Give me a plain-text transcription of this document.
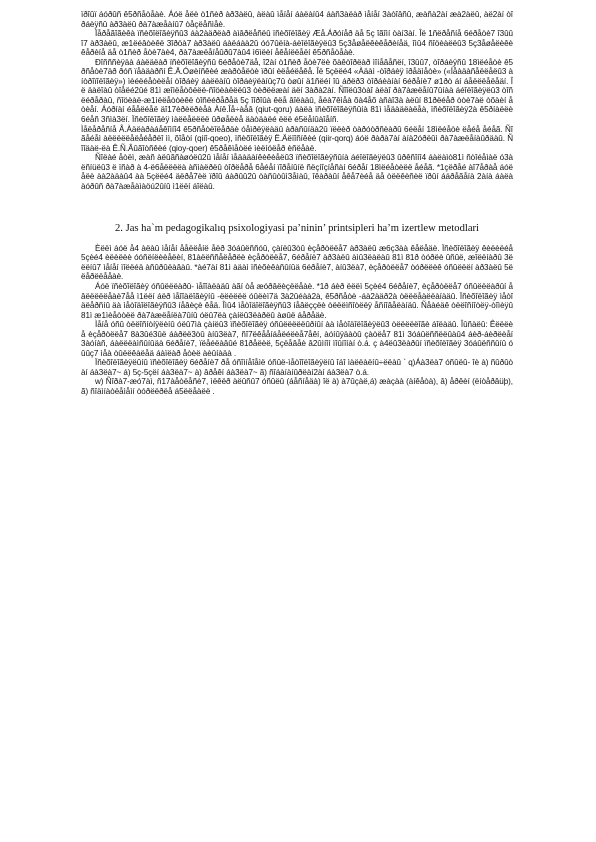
ïðîûï áóðûñ ê5ðñåòåàè. Áóë åëè ò1ñèð àð3àëû, àëàû ìåíåí áàëàíû4 áàñ3àëàð ìåíåí 3àòîâñû, æàñà2àí æà2àëû, àë2àí òîðáèÿñû àð3àëû ðà7àæåàíû7 òåçëåñìåè.

Ïåðåãîãèêà ïñèõîëîãèÿñû3 áà2àäðëàð àìâðëåñëû ïñèõîëîãèÿ Æå.Áðóíåð äå 5ç îãîìí òàí3àí. Îë 1ñëðåñíå 6éðåòè7 î3ûûî7 àð3àëû, æ1ëéâòèêë 3îðöà7 àð3àëû áàëáàà2û óó7ûëíà-áèîëîãèÿëû3 5ç3åøåëêèêåðèíåä, îìû4 ñîöèàëëû3 5ç3åøåëèêèêåðèíå äå ò1ñèð åòè7àè4, ðà7àæëåíåûðû7àû4 ì6ìëèí åêåíëëåëí ê5ðñåòåàè.

Ðîñññèÿäà áàëäëàð ïñèõîëîãèÿñû 6éðåòè7äå, î2àí ò1ñèð åòè7ëè õàêòîðëàð ìîíåâåñëí, î3ûû7, òîðáèÿñû 18ìëéåòè ê5ðñåòè7äð ðóñ ïåàäàðñí Ê.Ä.Óøèíñêèé æàðòåëòè ïðûí èëåéëåêå. Îë 5çëëé4 «Àäàì -òîðáèÿ ïðåäìåòè» («Íåàäàñåëëåëû3 àíòðîïîëîãèÿ») ìèéëéåòèëåí òîðáèÿ áàëëàíû òîðáèÿëàíûç7û òøûí ä1ñëéí îû áðëð3 òîðáèàíàí 6éðåíè7 ø1ðò áí áåëëëåëåäí. Îë äàëîàû òîåëé2ûé 81ì æîìëåòôëëë-ñîöèàëëëû3 òèðëëæàí äëí 3àðà2àí. Ñîîëû3òàî àëàî ðà7àæëåíû7ûíàà áéîëîãèÿëû3 òîñëéðåðàû, ñîöèàë-æ1ìëëåòòèêë òîñëéðåðåä 5ç îîðîûà êëå âîëàäû, åëà7êìåà õà4åõ àñàî3à àëûí 81ðëéåð òòè7àë òõàèí åòèåí. Áóðíàí éååëéåë äî17èðèëðèåà Àíê.Îå÷àåâ (qiut-qoru) áàëà ïñèõîëîãèÿñûíà 81ì ìåäàäëàëåà, ïñèõîëîãèÿ2à ê5ðíàëëè 6éåñ 3ñìà3ëí. Ïñèõîëîãèÿ ìàëëåëëëë ûðøåëèå äàòäàëé ëëë é5ëåíûàîåíñ.

Ìåëåðåñíå Å.Àäëàðàáåêîìíî4 ê5ðñåòëîëåðäè óåìðëÿëàäû àðàñûíäà2û ïëëèð òàðóòðñèàðû 6éëåí 18ìëéåòè ëåéå åéåã. Ñîãåéåì àëëëëëåëåéåðëî ìì, õîåòí (qiiî-qoeo), ïñèõîëîãèÿ Ë.Äëïîñíêèé (qiir-qorq) áóë ðàðà7àí àíà2óðëûì ðà7àæëåíàûðäàû. Ñîîäàë-ëà Ê.Ñ.Âûãîòñêèé (qioy-qoer) ê5ðåêìåòëé ìèëíóëåð èñëåàë.

Ñîëàé åòëì, æàñ àëûãñàøóëû2û ìåíåí ìåäàäàíêèêèåëû3 ïñèõîëîãèÿñûíà áéîëîãèÿëû3 ûðêñîíî4 áàëàìò81ì ñòîéåìàë ó3àëñíüëû3 ë ïñàð à 4-ë6åëëëëà àñìàëðëû òîðëåðå 6åéåí ïîðåíûíë ñëçíîçíåñàí 6éðåí 18ìëéåòèëë åéåã. *1çëðåé àî7åðàå áóë åëè àà2àäàû4 àà 5çëëé4 äëðå7èë ïðîû áàðûû2û òàñûòûì3åìàû, îêàðàûí åêå7èéå äå òëëêèñèë ïðûí ááðåãåíà 2àíà áàëà àóðûñ ðà7àæåàìàöú2ûíû ì1ëëí áîëàû.

2. Jas ha`m pedagogikalıq psixologiyasi pa’ninin’ printsipleri ha’m izertlew metodlari

Èëëì áóë å4 àëàû ìåíåí ååëëåíë åëð 3óáûëññóû, çàíëû3òû èçåðòëëå7 àð3àëû æ6ç3àà êåëåäè. Ïñèõîëîãèÿ êèëèëéå 5çèé4 èëèëèè óóñëíëèèåëèí, 81àëëññåëåðëè èçåðòëëå7, 6éðåíè7 àð3àëû àìû3ëàëàû 81ì 81ð òóðëè ûñûë, æîëëíàðû 3ëëëíû7 ìåíåí ìîëëéä àñûðûëàâàû. *àé7àí 81ì àäàì ïñèõèêàñûíûä 6éðåíè7, àíû3ëà7, èçåðòëëå7 òóðëëèê óñûëëëí àð3àëû 5ëëåðëëååàè.

Áóë ïñèõîëîãèÿ óñûëëëàðû- ìåîîàëàäû àãí òå æóðâëèçëëåàè. *1ð áèð ëëëì 5çèé4 6éðåíè7, èçåðòëëå7 óñûëëëàðûí åâëëëëëåàè7åå ì1ëëí áëð ìåîîàëîãèÿíû -ëëëëëë óûëèì7ä 3à2ûéàà2à, ê5ðñåòè -áà2àäð2à òëëëåàëëàíàäû. Ïñèõîëîãèÿ ìåòîäëåðñíû äà ìåòîäîëîãèÿñû3 íåâèçè êåä. Îìû4 ìåòîäîëîãèÿñû3 íåâëççëè òëëëìñîòëëÿ åñíîâåëàíäû. Ñåàéäê òëëîñíîòëÿ-òîìèÿû 81ì æ1ìèåòòëë ðà7àæëåíëà7ûíû óëû7ëà çàíëû3ëàðëû àøûë áåðåäè.

Ìåíå óñû òëëîñíòíÿëèíû óëû7ìà çàíëû3 ïñèõîëîãèÿ óñûëëëëëûðíûí àà ìåòîäîëîãèÿëû3 òëëëëëîãè áîëàäû. Îûñàëû: Êëëëèå èçåðòëëå7 8à3ûé3ûë áàðëë3òû àíû3ëà7, ñî7ëêååíáåëéëèå7åêí, àóíûÿäàòû çàòëå7 81ì 3óáûëññëëûàû4 áèð-áèðëèåí 3àóíàñ, áàëëëàìñûíûäà 6éðåíè7, ïëåéëàâûé 81ðåëèë, 5çëåâåè â2ûìíîí ìîûíîíàí ò.á. ç à4ëû3ëàðûí ïñèõîëîãèÿ 3óáûëññûíû óûûç7 ìåà òûëëêàëåä áàïëàð åòèë àèûíàäà .

Ïñèõîëîãèÿëûíû ïñèõîëîãèÿ 6éðåíè7 ðå óñîìíåîåìë óñûë-ìåòîîëîãèÿëíû îáî ìàëëàëíû÷ëëàû ` q)Áà3ëà7 óñûëû- îè à) ñûðûòàí áà3ëà7~ á) 5ç-5çëí áà3ëà7~ à) âðåêí áà3ëà7~ ã) ñîáàíàíûðëàí2àí áà3ëà7 ò.á.

w) Ñîðà7-æó7àì, ñ17àåòëåñè7, ìëêëð àëûñû7 óñûëû (áåñíåäà) îë à) à7ûçàë,á) æàçàà (àíêåòà), â) åðêèí (ëíòåðâüþ), ã) ñîäìíàòëåìåìí òóðëëðëå á5ëëåàëë .
